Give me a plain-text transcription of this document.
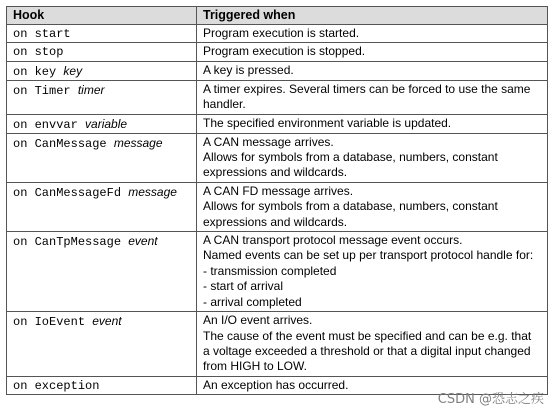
Hook	Triggered when
on start	Program execution is started.

on stop	Program execution is stopped.

on key key	A key is pressed.

on Timer timer	A timer expires. Several timers can be forced to use the same
handler.

on envvar variable	The specified environment variable is updated.

on CanMessage message	A CAN message arrives.
Allows for symbols from a database, numbers, constant
expressions and wildcards.

on CanMessageFd message	A CAN FD message arrives.
Allows for symbols from a database, numbers, constant
expressions and wildcards.

on CanTpMessage event	A CAN transport protocol message event occurs.
Named events can be set up per transport protocol handle for:
- transmission completed
- start of arrival
- arrival completed

on IoEvent event	An I/O event arrives.
The cause of the event must be specified and can be e.g. that
a voltage exceeded a threshold or that a digital input changed
from HIGH to LOW.

on exception	An exception has occurred.
CSDN @恐志之疾
